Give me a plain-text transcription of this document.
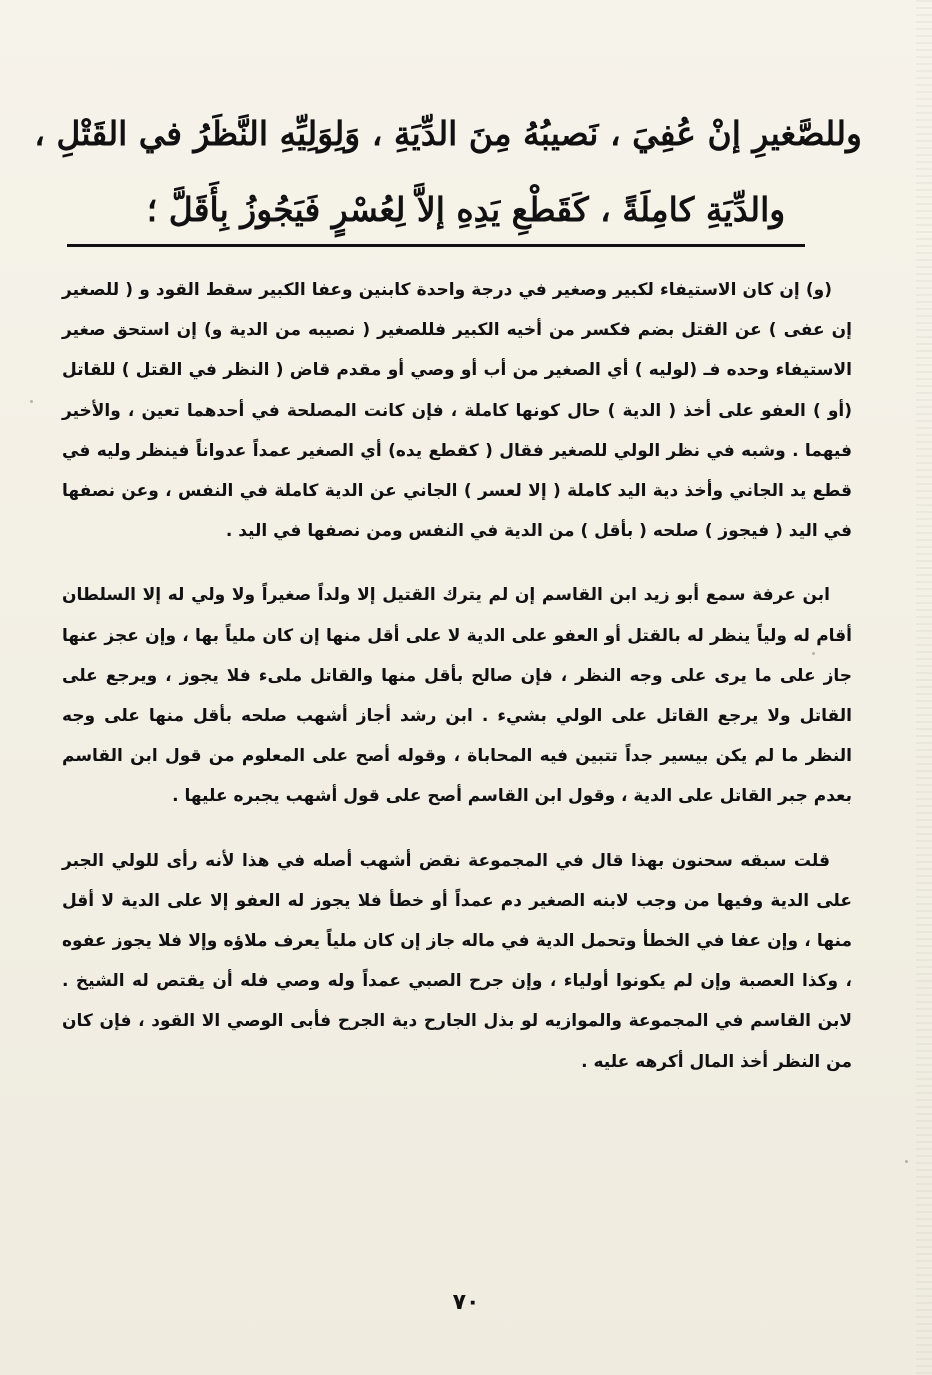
وللصَّغيرِ إنْ عُفِيَ ، نَصيبُهُ مِنَ الدِّيَةِ ، وَلِوَلِيِّهِ النَّظَرُ في القَتْلِ ،
والدِّيَةِ كامِلَةً ، كَقَطْعِ يَدِهِ إلاَّ لِعُسْرٍ فَيَجُوزُ بِأَقَلَّ ؛

(و) إن كان الاستيفاء لكبير وصغير في درجة واحدة كابنين وعفا الكبير سقط القود و ( للصغير إن عفى ) عن القتل بضم فكسر من أخيه الكبير فللصغير ( نصيبه من الدية و) إن استحق صغير الاستيفاء وحده فـ (لوليه ) أي الصغير من أب أو وصي أو مقدم قاض ( النظر في القتل ) للقاتل (أو ) العفو على أخذ ( الدية ) حال كونها كاملة ، فإن كانت المصلحة في أحدهما تعين ، والأخير فيهما . وشبه في نظر الولي للصغير فقال ( كقطع يده) أي الصغير عمداً عدواناً فينظر وليه في قطع يد الجاني وأخذ دية اليد كاملة ( إلا لعسر ) الجاني عن الدية كاملة في النفس ، وعن نصفها في اليد ( فيجوز ) صلحه ( بأقل ) من الدية في النفس ومن نصفها في اليد .

ابن عرفة سمع أبو زيد ابن القاسم إن لم يترك القتيل إلا ولداً صغيراً ولا ولي له إلا السلطان أقام له ولياً ينظر له بالقتل أو العفو على الدية لا على أقل منها إن كان ملياً بها ، وإن عجز عنها جاز على ما يرى على وجه النظر ، فإن صالح بأقل منها والقاتل ملىء فلا يجوز ، ويرجع على القاتل ولا يرجع القاتل على الولي بشيء . ابن رشد أجاز أشهب صلحه بأقل منها على وجه النظر ما لم يكن بيسير جداً تتبين فيه المحاباة ، وقوله أصح على المعلوم من قول ابن القاسم بعدم جبر القاتل على الدية ، وقول ابن القاسم أصح على قول أشهب يجبره عليها .

قلت سبقه سحنون بهذا قال في المجموعة نقض أشهب أصله في هذا لأنه رأى للولي الجبر على الدية وفيها من وجب لابنه الصغير دم عمداً أو خطأ فلا يجوز له العفو إلا على الدية لا أقل منها ، وإن عفا في الخطأ وتحمل الدية في ماله جاز إن كان ملياً يعرف ملاؤه وإلا فلا يجوز عفوه ، وكذا العصبة وإن لم يكونوا أولياء ، وإن جرح الصبي عمداً وله وصي فله أن يقتص له الشيخ . لابن القاسم في المجموعة والموازيه لو بذل الجارح دية الجرح فأبى الوصي الا القود ، فإن كان من النظر أخذ المال أكرهه عليه .

٧٠
